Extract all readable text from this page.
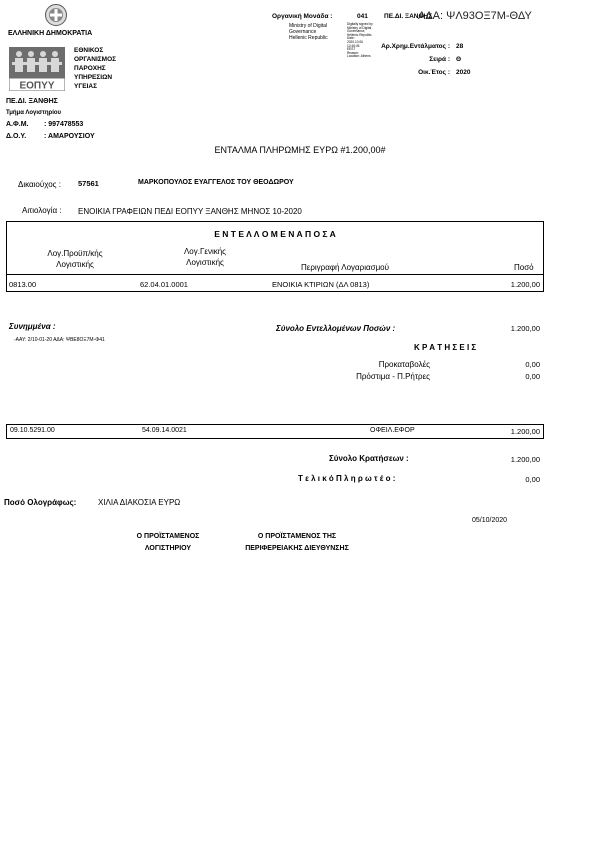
ΕΛΛΗΝΙΚΗ ΔΗΜΟΚΡΑΤΙΑ
ΕΟΠΥΥ
ΕΘΝΙΚΟΣ
ΟΡΓΑΝΙΣΜΟΣ
ΠΑΡΟΧΗΣ
ΥΠΗΡΕΣΙΩΝ
ΥΓΕΙΑΣ
Οργανική Μονάδα :	041 ΠΕ.ΔΙ. ΞΑΝΘΗΣ
ΑΔΑ: ΨΛ93ΟΞ7Μ-ΘΔΥ
Ministry of Digital
Governance
Hellenic Republic
Digitally signed by
Ministry of Digital
Governance,
Hellenic Republic
Date:
2020.10.06
12:46:45
EEST
Reason:
Location: Athens
Αρ.Χρημ.Εντάλματος : 28
Σειρά : Θ
Οικ.Έτος : 2020
ΠΕ.ΔΙ. ΞΑΝΘΗΣ
Τμήμα Λογιστηρίου
Α.Φ.Μ. : 997478553
Δ.Ο.Υ.	: ΑΜΑΡΟΥΣΙΟΥ
ΕΝΤΑΛΜΑ ΠΛΗΡΩΜΗΣ ΕΥΡΩ #1.200,00#
Δικαιούχος : 57561	ΜΑΡΚΟΠΟΥΛΟΣ ΕΥΑΓΓΕΛΟΣ ΤΟΥ ΘΕΟΔΩΡΟΥ
Αιτιολογία : ΕΝΟΙΚΙΑ ΓΡΑΦΕΙΩΝ ΠΕΔΙ ΕΟΠΥΥ ΞΑΝΘΗΣ ΜΗΝΟΣ 10-2020
Ε Ν Τ Ε Λ Λ Ο Μ Ε Ν Α Π Ο Σ Α
Λογ.Προϋπ/κής
Λογιστικής
Λογ.Γενικής
Λογιστικής
Περιγραφή Λογαριασμού	Ποσό
0813.00	62.04.01.0001	ΕΝΟΙΚΙΑ ΚΤΙΡΙΩΝ (ΔΛ 0813)	1.200,00
Συνημμένα :
-ΑΑΥ: 2/10-01-20 ΑΔΑ: ΨΒΕ8ΟΞ7Μ-Φ41
Σύνολο Εντελλομένων Ποσών :	1.200,00
Κ Ρ Α Τ Η Σ Ε Ι Σ
Προκαταβολές	0,00
Πρόστιμα - Π.Ρήτρες	0,00
09.10.5291.00	54.09.14.0021	ΟΦΕΙΛ.ΕΦΟΡ	1.200,00
Σύνολο Κρατήσεων :	1.200,00
Τ ε λ ι κ ό Π λ η ρ ω τ έ ο :	0,00
Ποσό Ολογράφως:	ΧΙΛΙΑ ΔΙΑΚΟΣΙΑ ΕΥΡΩ
05/10/2020
Ο ΠΡΟΪΣΤΑΜΕΝΟΣ
ΛΟΓΙΣΤΗΡΙΟΥ
Ο ΠΡΟΪΣΤΑΜΕΝΟΣ ΤΗΣ
ΠΕΡΙΦΕΡΕΙΑΚΗΣ ΔΙΕΥΘΥΝΣΗΣ
